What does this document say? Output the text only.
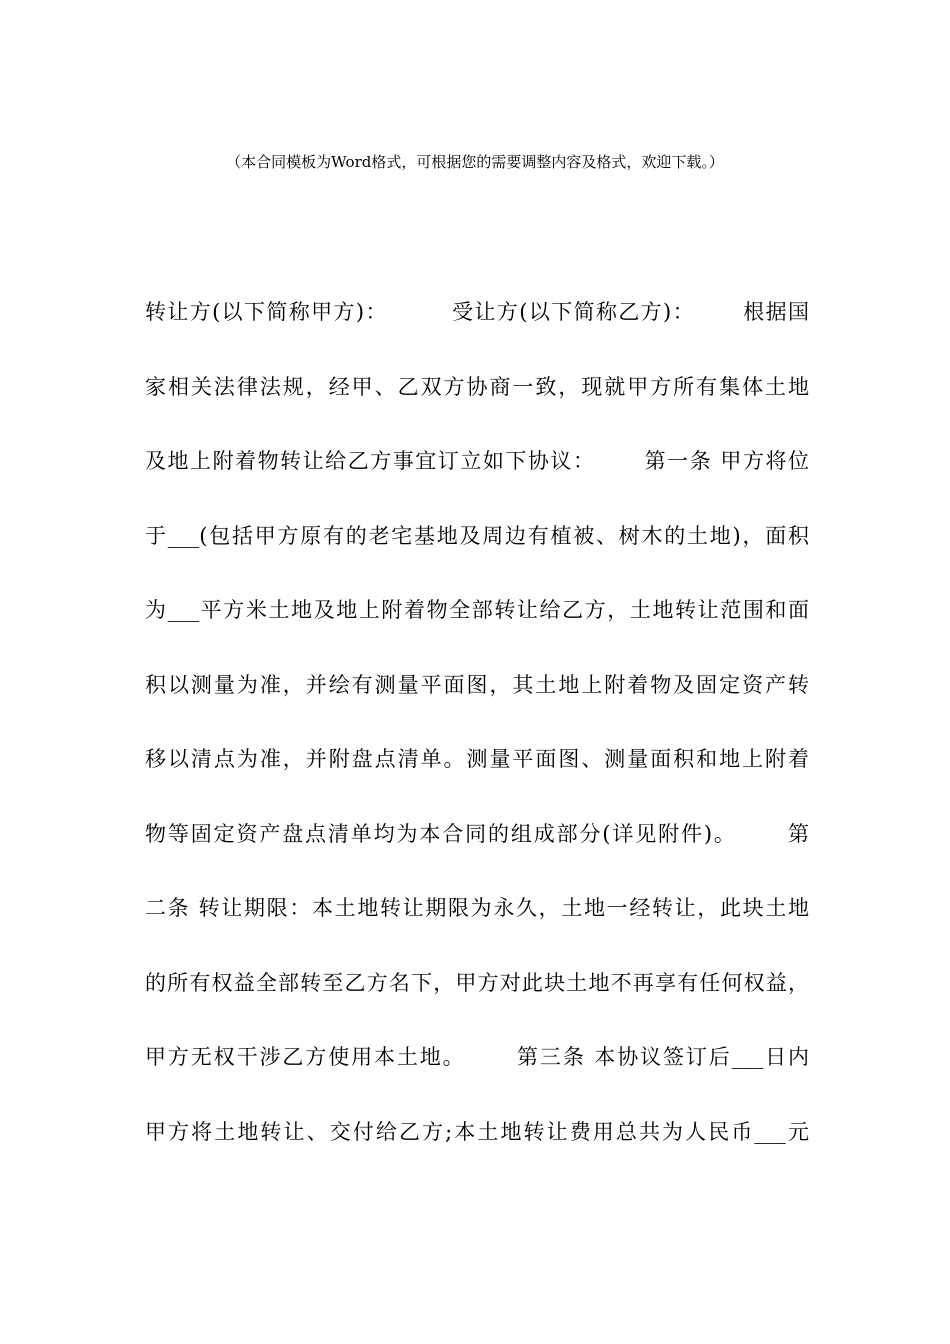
（本合同模板为Word格式，可根据您的需要调整内容及格式，欢迎下载。）
转让方(以下简称甲方)：        受让方(以下简称乙方)：      根据国
家相关法律法规，经甲、乙双方协商一致，现就甲方所有集体土地
及地上附着物转让给乙方事宜订立如下协议：      第一条 甲方将位
于___(包括甲方原有的老宅基地及周边有植被、树木的土地)，面积
为___平方米土地及地上附着物全部转让给乙方，土地转让范围和面
积以测量为准，并绘有测量平面图，其土地上附着物及固定资产转
移以清点为准，并附盘点清单。测量平面图、测量面积和地上附着
物等固定资产盘点清单均为本合同的组成部分(详见附件)。      第
二条 转让期限：本土地转让期限为永久，土地一经转让，此块土地
的所有权益全部转至乙方名下，甲方对此块土地不再享有任何权益，
甲方无权干涉乙方使用本土地。      第三条 本协议签订后___日内
甲方将土地转让、交付给乙方;本土地转让费用总共为人民币___元
